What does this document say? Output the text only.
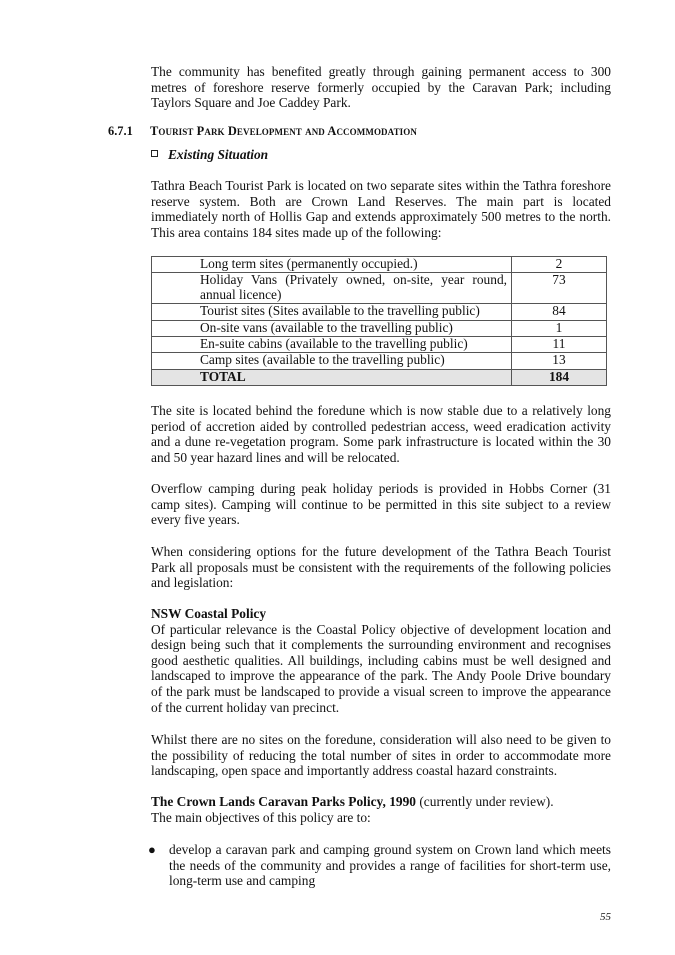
The community has benefited greatly through gaining permanent access to 300 metres of foreshore reserve formerly occupied by the Caravan Park; including Taylors Square and Joe Caddey Park.

6.7.1 Tourist Park Development and Accommodation
Existing Situation

Tathra Beach Tourist Park is located on two separate sites within the Tathra foreshore reserve system. Both are Crown Land Reserves. The main part is located immediately north of Hollis Gap and extends approximately 500 metres to the north. This area contains 184 sites made up of the following:

Long term sites (permanently occupied.)	2
Holiday Vans (Privately owned, on-site, year round, annual licence)	73
Tourist sites (Sites available to the travelling public)	84
On-site vans (available to the travelling public)	1
En-suite cabins (available to the travelling public)	11
Camp sites (available to the travelling public)	13
TOTAL	184

The site is located behind the foredune which is now stable due to a relatively long period of accretion aided by controlled pedestrian access, weed eradication activity and a dune re-vegetation program. Some park infrastructure is located within the 30 and 50 year hazard lines and will be relocated.

Overflow camping during peak holiday periods is provided in Hobbs Corner (31 camp sites). Camping will continue to be permitted in this site subject to a review every five years.

When considering options for the future development of the Tathra Beach Tourist Park all proposals must be consistent with the requirements of the following policies and legislation:

NSW Coastal Policy
Of particular relevance is the Coastal Policy objective of development location and design being such that it complements the surrounding environment and recognises good aesthetic qualities. All buildings, including cabins must be well designed and landscaped to improve the appearance of the park. The Andy Poole Drive boundary of the park must be landscaped to provide a visual screen to improve the appearance of the current holiday van precinct.

Whilst there are no sites on the foredune, consideration will also need to be given to the possibility of reducing the total number of sites in order to accommodate more landscaping, open space and importantly address coastal hazard constraints.

The Crown Lands Caravan Parks Policy, 1990 (currently under review).
The main objectives of this policy are to:
● develop a caravan park and camping ground system on Crown land which meets the needs of the community and provides a range of facilities for short-term use, long-term use and camping

55
